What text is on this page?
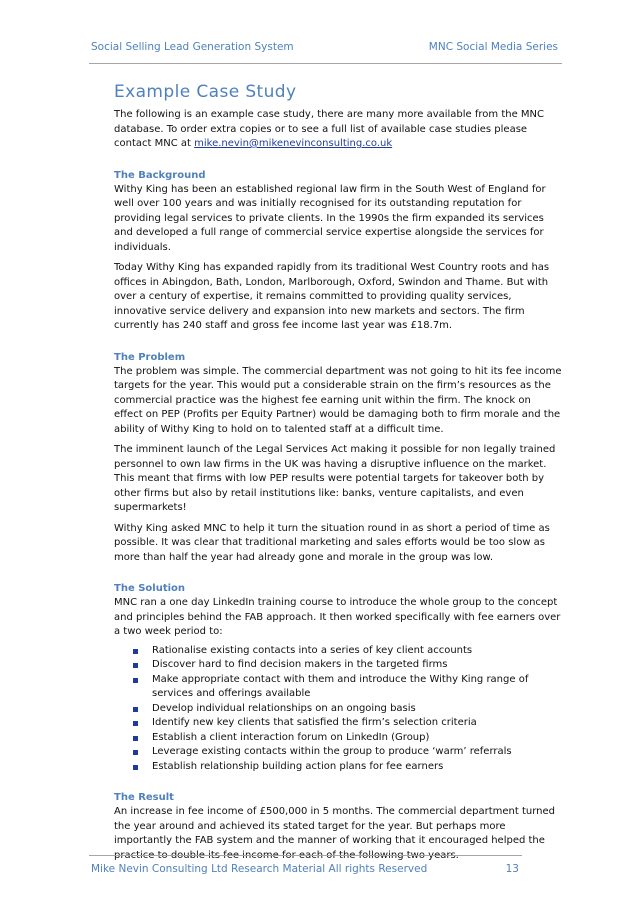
Social Selling Lead Generation System	MNC Social Media Series
Example Case Study

The following is an example case study, there are many more available from the MNC database. To order extra copies or to see a full list of available case studies please contact MNC at mike.nevin@mikenevinconsulting.co.uk

The Background

Withy King has been an established regional law firm in the South West of England for well over 100 years and was initially recognised for its outstanding reputation for providing legal services to private clients. In the 1990s the firm expanded its services and developed a full range of commercial service expertise alongside the services for individuals.

Today Withy King has expanded rapidly from its traditional West Country roots and has offices in Abingdon, Bath, London, Marlborough, Oxford, Swindon and Thame. But with over a century of expertise, it remains committed to providing quality services, innovative service delivery and expansion into new markets and sectors. The firm currently has 240 staff and gross fee income last year was £18.7m.

The Problem

The problem was simple. The commercial department was not going to hit its fee income targets for the year. This would put a considerable strain on the firm’s resources as the commercial practice was the highest fee earning unit within the firm. The knock on effect on PEP (Profits per Equity Partner) would be damaging both to firm morale and the ability of Withy King to hold on to talented staff at a difficult time.

The imminent launch of the Legal Services Act making it possible for non legally trained personnel to own law firms in the UK was having a disruptive influence on the market.

This meant that firms with low PEP results were potential targets for takeover both by other firms but also by retail institutions like: banks, venture capitalists, and even supermarkets!

Withy King asked MNC to help it turn the situation round in as short a period of time as possible. It was clear that traditional marketing and sales efforts would be too slow as more than half the year had already gone and morale in the group was low.

The Solution

MNC ran a one day LinkedIn training course to introduce the whole group to the concept and principles behind the FAB approach. It then worked specifically with fee earners over a two week period to:

Rationalise existing contacts into a series of key client accounts
Discover hard to find decision makers in the targeted firms
Make appropriate contact with them and introduce the Withy King range of services and offerings available
Develop individual relationships on an ongoing basis
Identify new key clients that satisfied the firm’s selection criteria
Establish a client interaction forum on LinkedIn (Group)
Leverage existing contacts within the group to produce ‘warm’ referrals
Establish relationship building action plans for fee earners

The Result

An increase in fee income of £500,000 in 5 months. The commercial department turned the year around and achieved its stated target for the year. But perhaps more importantly the FAB system and the manner of working that it encouraged helped the practice to double its fee income for each of the following two years.

Mike Nevin Consulting Ltd Research Material All rights Reserved	13
